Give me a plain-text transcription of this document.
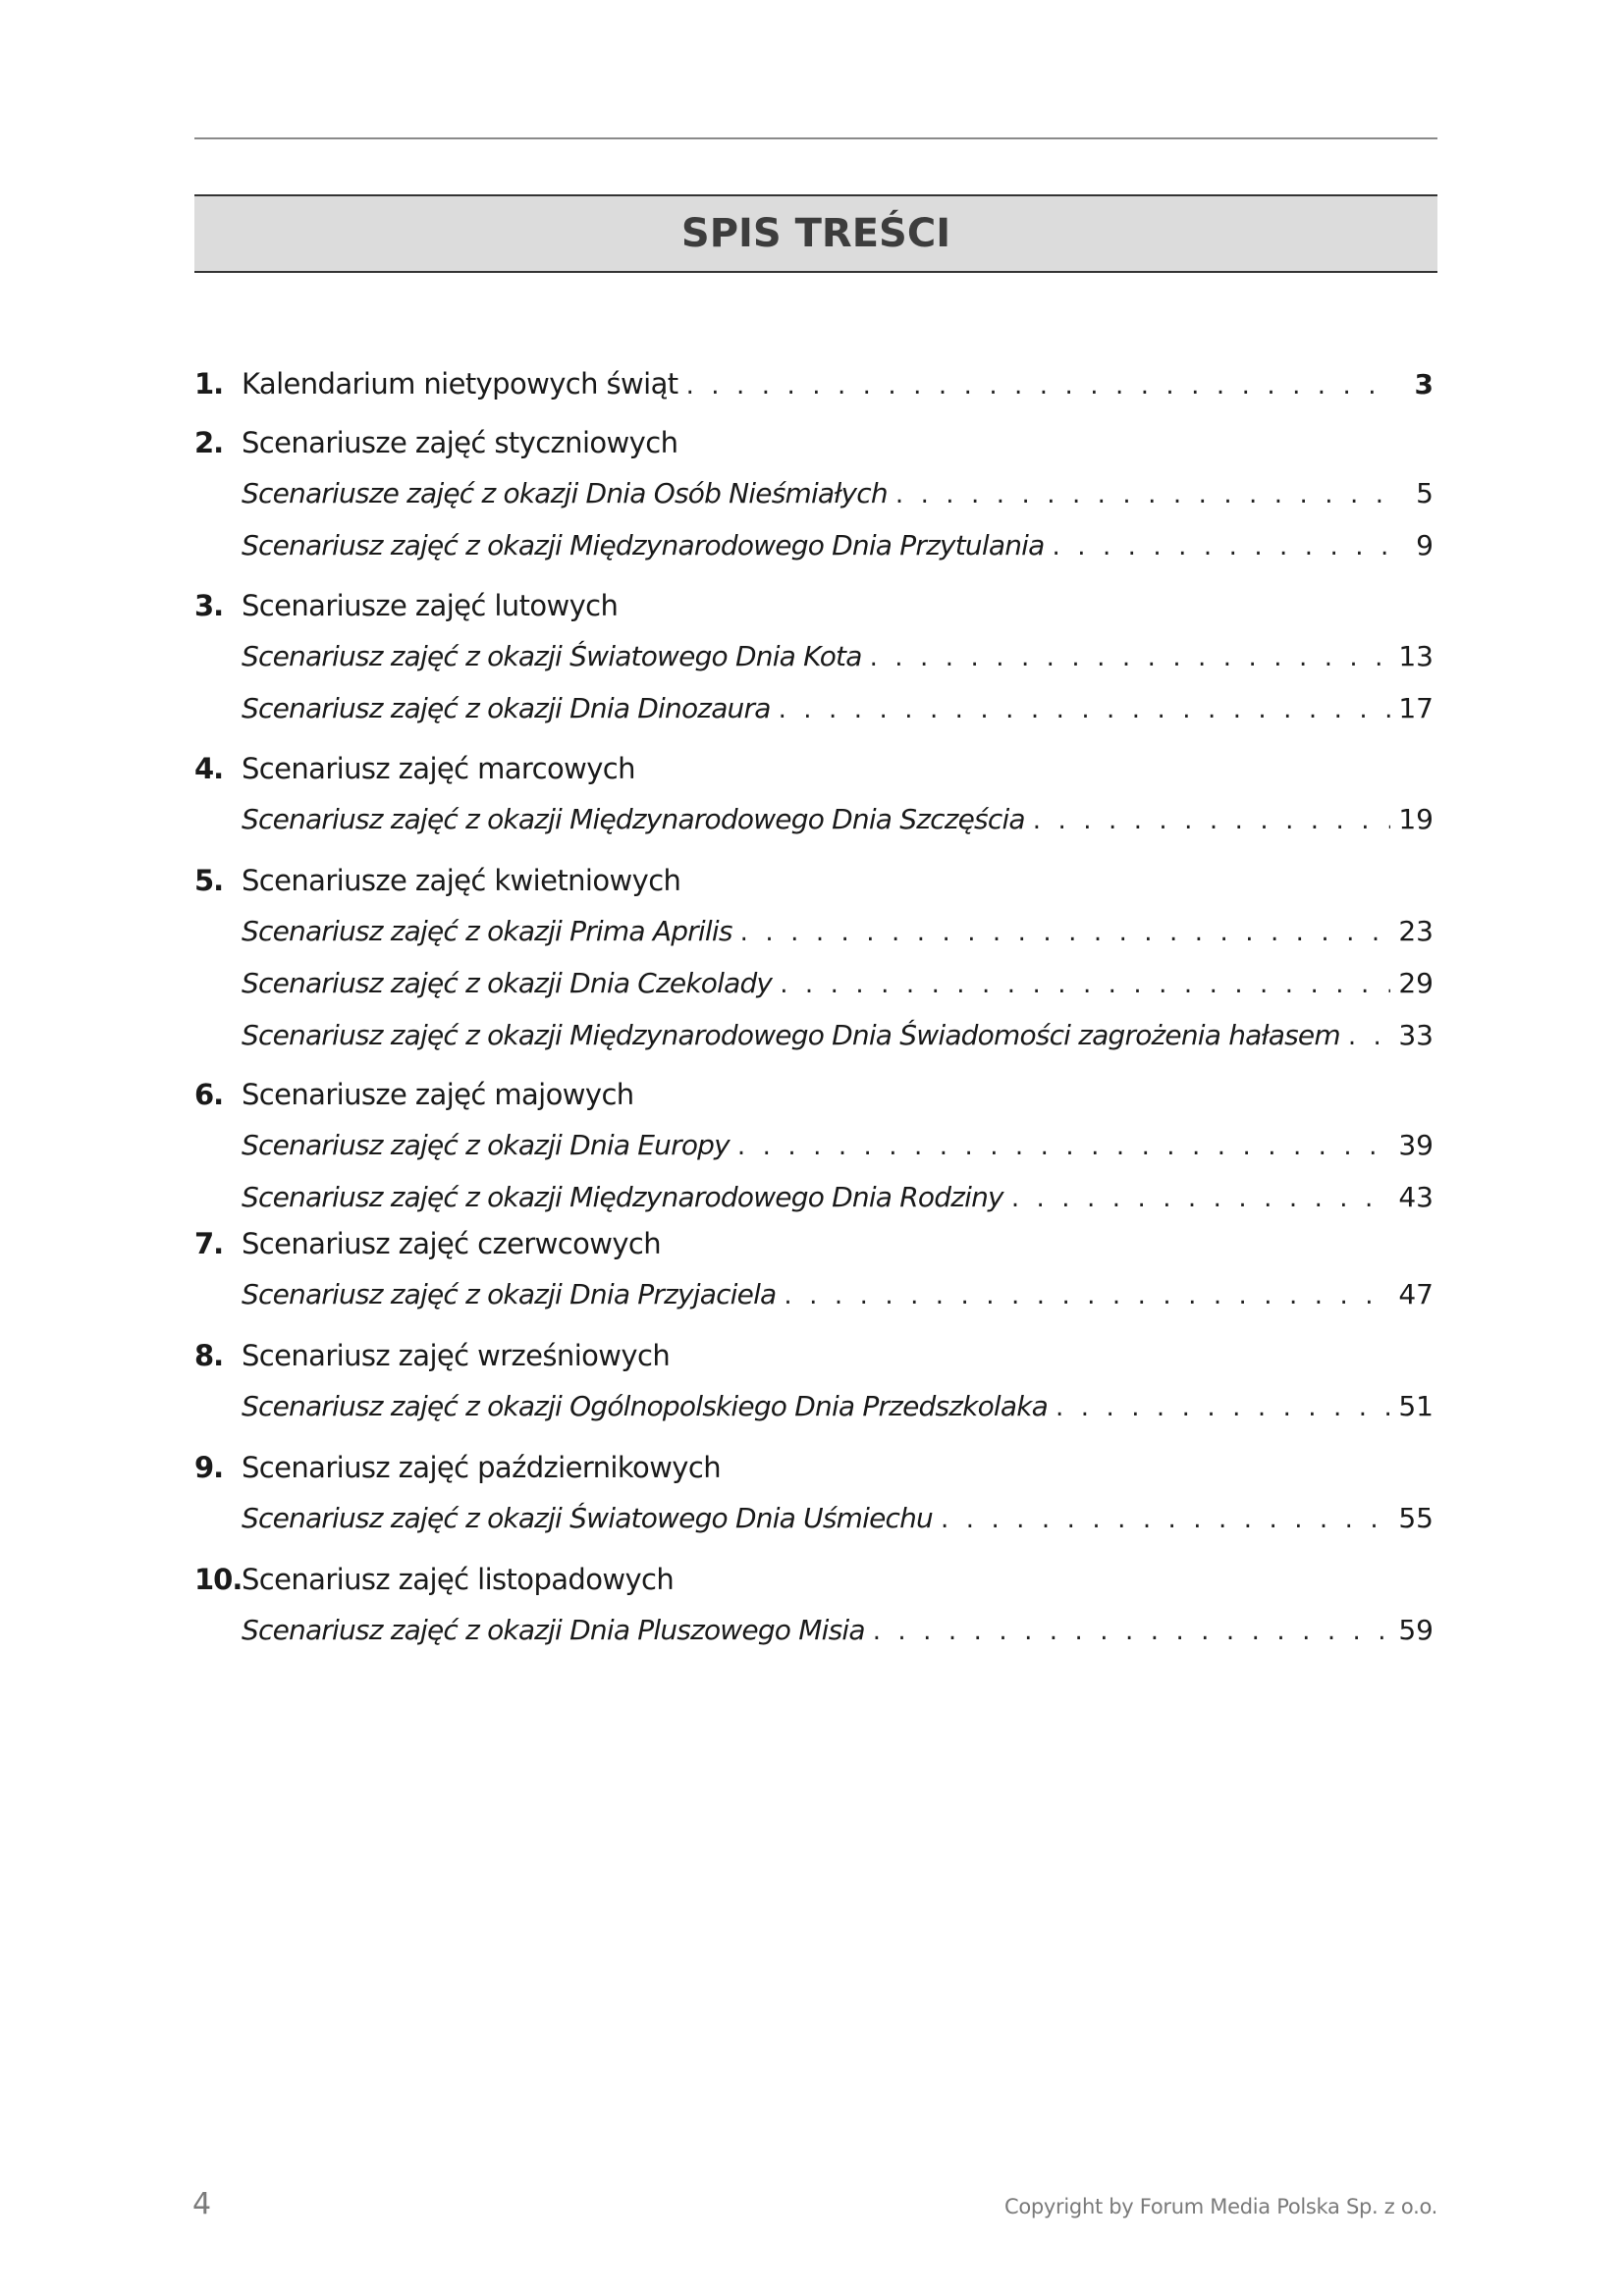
SPIS TREŚCI
1. Kalendarium nietypowych świąt . . .	3
2. Scenariusze zajęć styczniowych
Scenariusze zajęć z okazji Dnia Osób Nieśmiałych . . .	5
Scenariusz zajęć z okazji Międzynarodowego Dnia Przytulania . . .	9
3. Scenariusze zajęć lutowych
Scenariusz zajęć z okazji Światowego Dnia Kota . . .	13
Scenariusz zajęć z okazji Dnia Dinozaura . . .	17
4. Scenariusz zajęć marcowych
Scenariusz zajęć z okazji Międzynarodowego Dnia Szczęścia . . .	19
5. Scenariusze zajęć kwietniowych
Scenariusz zajęć z okazji Prima Aprilis . . .	23
Scenariusz zajęć z okazji Dnia Czekolady . . .	29
Scenariusz zajęć z okazji Międzynarodowego Dnia Świadomości zagrożenia hałasem . . . 33
6. Scenariusze zajęć majowych
Scenariusz zajęć z okazji Dnia Europy . . .	39
Scenariusz zajęć z okazji Międzynarodowego Dnia Rodziny . . .	43
7. Scenariusz zajęć czerwcowych
Scenariusz zajęć z okazji Dnia Przyjaciela . . .	47
8. Scenariusz zajęć wrześniowych
Scenariusz zajęć z okazji Ogólnopolskiego Dnia Przedszkolaka . . .	51
9. Scenariusz zajęć październikowych
Scenariusz zajęć z okazji Światowego Dnia Uśmiechu . . .	55
10. Scenariusz zajęć listopadowych
Scenariusz zajęć z okazji Dnia Pluszowego Misia . . .	59
4	Copyright by Forum Media Polska Sp. z o.o.
